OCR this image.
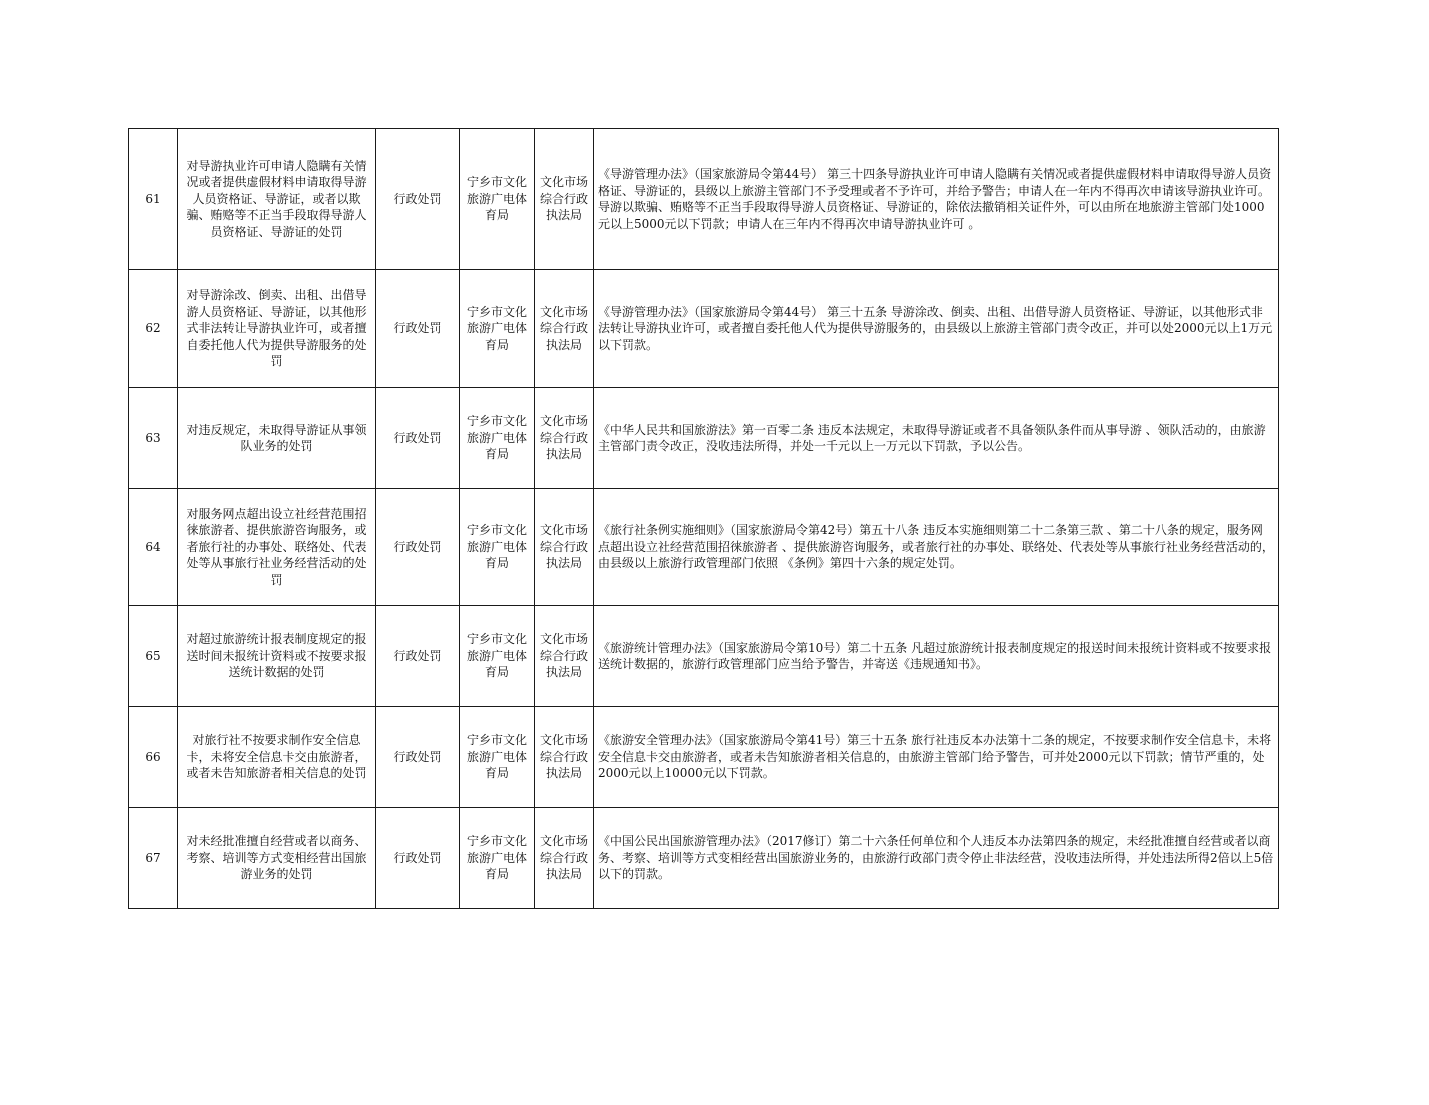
61	对导游执业许可申请人隐瞒有关情况或者提供虚假材料申请取得导游人员资格证、导游证，或者以欺骗、贿赂等不正当手段取得导游人员资格证、导游证的处罚	行政处罚	宁乡市文化旅游广电体育局	文化市场综合行政执法局	《导游管理办法》（国家旅游局令第44号） 第三十四条导游执业许可申请人隐瞒有关情况或者提供虚假材料申请取得导游人员资格证、导游证的，县级以上旅游主管部门不予受理或者不予许可，并给予警告；申请人在一年内不得再次申请该导游执业许可。
导游以欺骗、贿赂等不正当手段取得导游人员资格证、导游证的，除依法撤销相关证件外，可以由所在地旅游主管部门处1000元以上5000元以下罚款；申请人在三年内不得再次申请导游执业许可 。

62	对导游涂改、倒卖、出租、出借导游人员资格证、导游证，以其他形式非法转让导游执业许可，或者擅自委托他人代为提供导游服务的处罚	行政处罚	宁乡市文化旅游广电体育局	文化市场综合行政执法局	《导游管理办法》（国家旅游局令第44号） 第三十五条 导游涂改、倒卖、出租、出借导游人员资格证、导游证，以其他形式非法转让导游执业许可，或者擅自委托他人代为提供导游服务的，由县级以上旅游主管部门责令改正，并可以处2000元以上1万元以下罚款。

63	对违反规定，未取得导游证从事领队业务的处罚	行政处罚	宁乡市文化旅游广电体育局	文化市场综合行政执法局	《中华人民共和国旅游法》第一百零二条 违反本法规定，未取得导游证或者不具备领队条件而从事导游 、领队活动的，由旅游主管部门责令改正，没收违法所得，并处一千元以上一万元以下罚款，予以公告。

64	对服务网点超出设立社经营范围招徕旅游者、提供旅游咨询服务，或者旅行社的办事处、联络处、代表处等从事旅行社业务经营活动的处罚	行政处罚	宁乡市文化旅游广电体育局	文化市场综合行政执法局	《旅行社条例实施细则》（国家旅游局令第42号）第五十八条 违反本实施细则第二十二条第三款 、第二十八条的规定，服务网点超出设立社经营范围招徕旅游者 、提供旅游咨询服务，或者旅行社的办事处、联络处、代表处等从事旅行社业务经营活动的，由县级以上旅游行政管理部门依照 《条例》第四十六条的规定处罚。

65	对超过旅游统计报表制度规定的报送时间未报统计资料或不按要求报送统计数据的处罚	行政处罚	宁乡市文化旅游广电体育局	文化市场综合行政执法局	《旅游统计管理办法》（国家旅游局令第10号）第二十五条 凡超过旅游统计报表制度规定的报送时间未报统计资料或不按要求报送统计数据的，旅游行政管理部门应当给予警告，并寄送《违规通知书》。

66	对旅行社不按要求制作安全信息卡，未将安全信息卡交由旅游者，或者未告知旅游者相关信息的处罚	行政处罚	宁乡市文化旅游广电体育局	文化市场综合行政执法局	《旅游安全管理办法》（国家旅游局令第41号）第三十五条 旅行社违反本办法第十二条的规定，不按要求制作安全信息卡，未将安全信息卡交由旅游者，或者未告知旅游者相关信息的，由旅游主管部门给予警告，可并处2000元以下罚款；情节严重的，处2000元以上10000元以下罚款。

67	对未经批准擅自经营或者以商务、考察、培训等方式变相经营出国旅游业务的处罚	行政处罚	宁乡市文化旅游广电体育局	文化市场综合行政执法局	《中国公民出国旅游管理办法》（2017修订）第二十六条任何单位和个人违反本办法第四条的规定，未经批准擅自经营或者以商务、考察、培训等方式变相经营出国旅游业务的，由旅游行政部门责令停止非法经营，没收违法所得，并处违法所得2倍以上5倍以下的罚款。
